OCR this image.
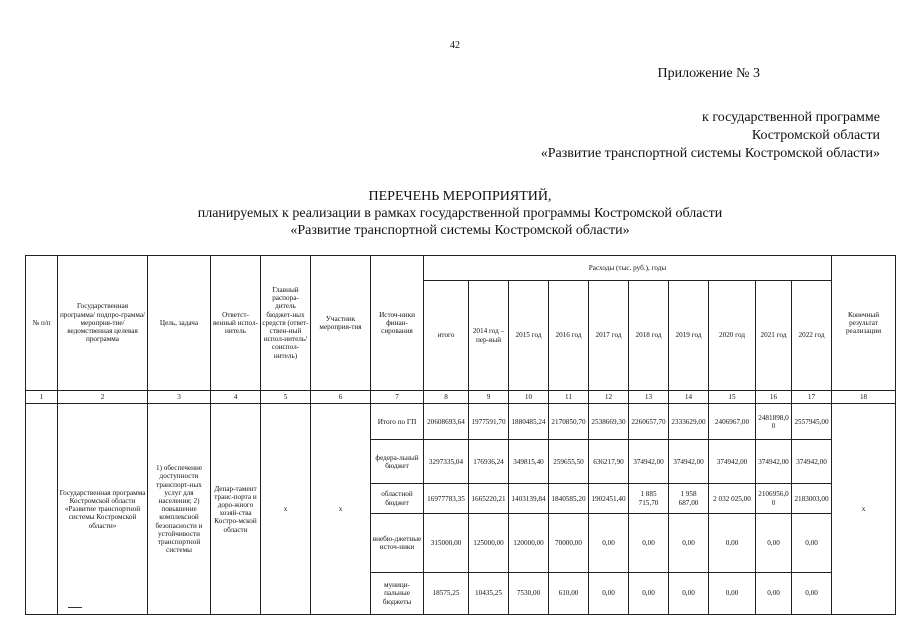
42
Приложение № 3
к государственной программе
Костромской области
«Развитие транспортной системы Костромской области»
ПЕРЕЧЕНЬ МЕРОПРИЯТИЙ,
планируемых к реализации в рамках государственной программы Костромской области
«Развитие транспортной системы Костромской области»
№ п/п	Государственная программа/ подпро-грамма/ меропрня-тие/ ведомственная целевая программа	Цель, задача	Ответст-венный испол-нитель	Главный распора-дитель бюджет-ных средств (ответ-ствен-ный испол-нитель/ соиспол-нитель)	Участник мероприя-тия	Источ-ники финан-сирования	Расходы (тыс. руб.), годы										Конечный результат реализации
							итого	2014 год – пер-вый	2015 год	2016 год	2017 год	2018 год	2019 год	2020 год	2021 год	2022 год	
1	2	3	4	5	6	7	8	9	10	11	12	13	14	15	16	17	18
	Государственная программа Костромской области «Развитие транспортной системы Костромской области»	1) обеспечение доступности транспорт-ных услуг для населения; 2) повышение комплексной безопасности и устойчивости транспортной системы	Депар-тамент транс-порта и доро-жного хозяй-ства Костро-мской области	х	х	Итого по ГП	20608693,64	1977591,70	1880485,24	2170850,70	2538669,30	2260657,70	2333629,00	2406967,00	2481898,00	2557945,00	х
						федера-льный бюджет	3297335,04	176936,24	349815,40	259655,50	636217,90	374942,00	374942,00	374942,00	374942,00	374942,00	
						областной бюджет	16977783,35	1665220,21	1403139,84	1840585,20	1902451,40	1 885 715,70	1 958 687,00	2 032 025,00	2106956,00	2183003,00	
						внебю-джетные источ-ники	315000,00	125000,00	120000,00	70000,00	0,00	0,00	0,00	0,00	0,00	0,00	
						муници-пальные бюджеты	18575,25	10435,25	7530,00	610,00	0,00	0,00	0,00	0,00	0,00	0,00	
